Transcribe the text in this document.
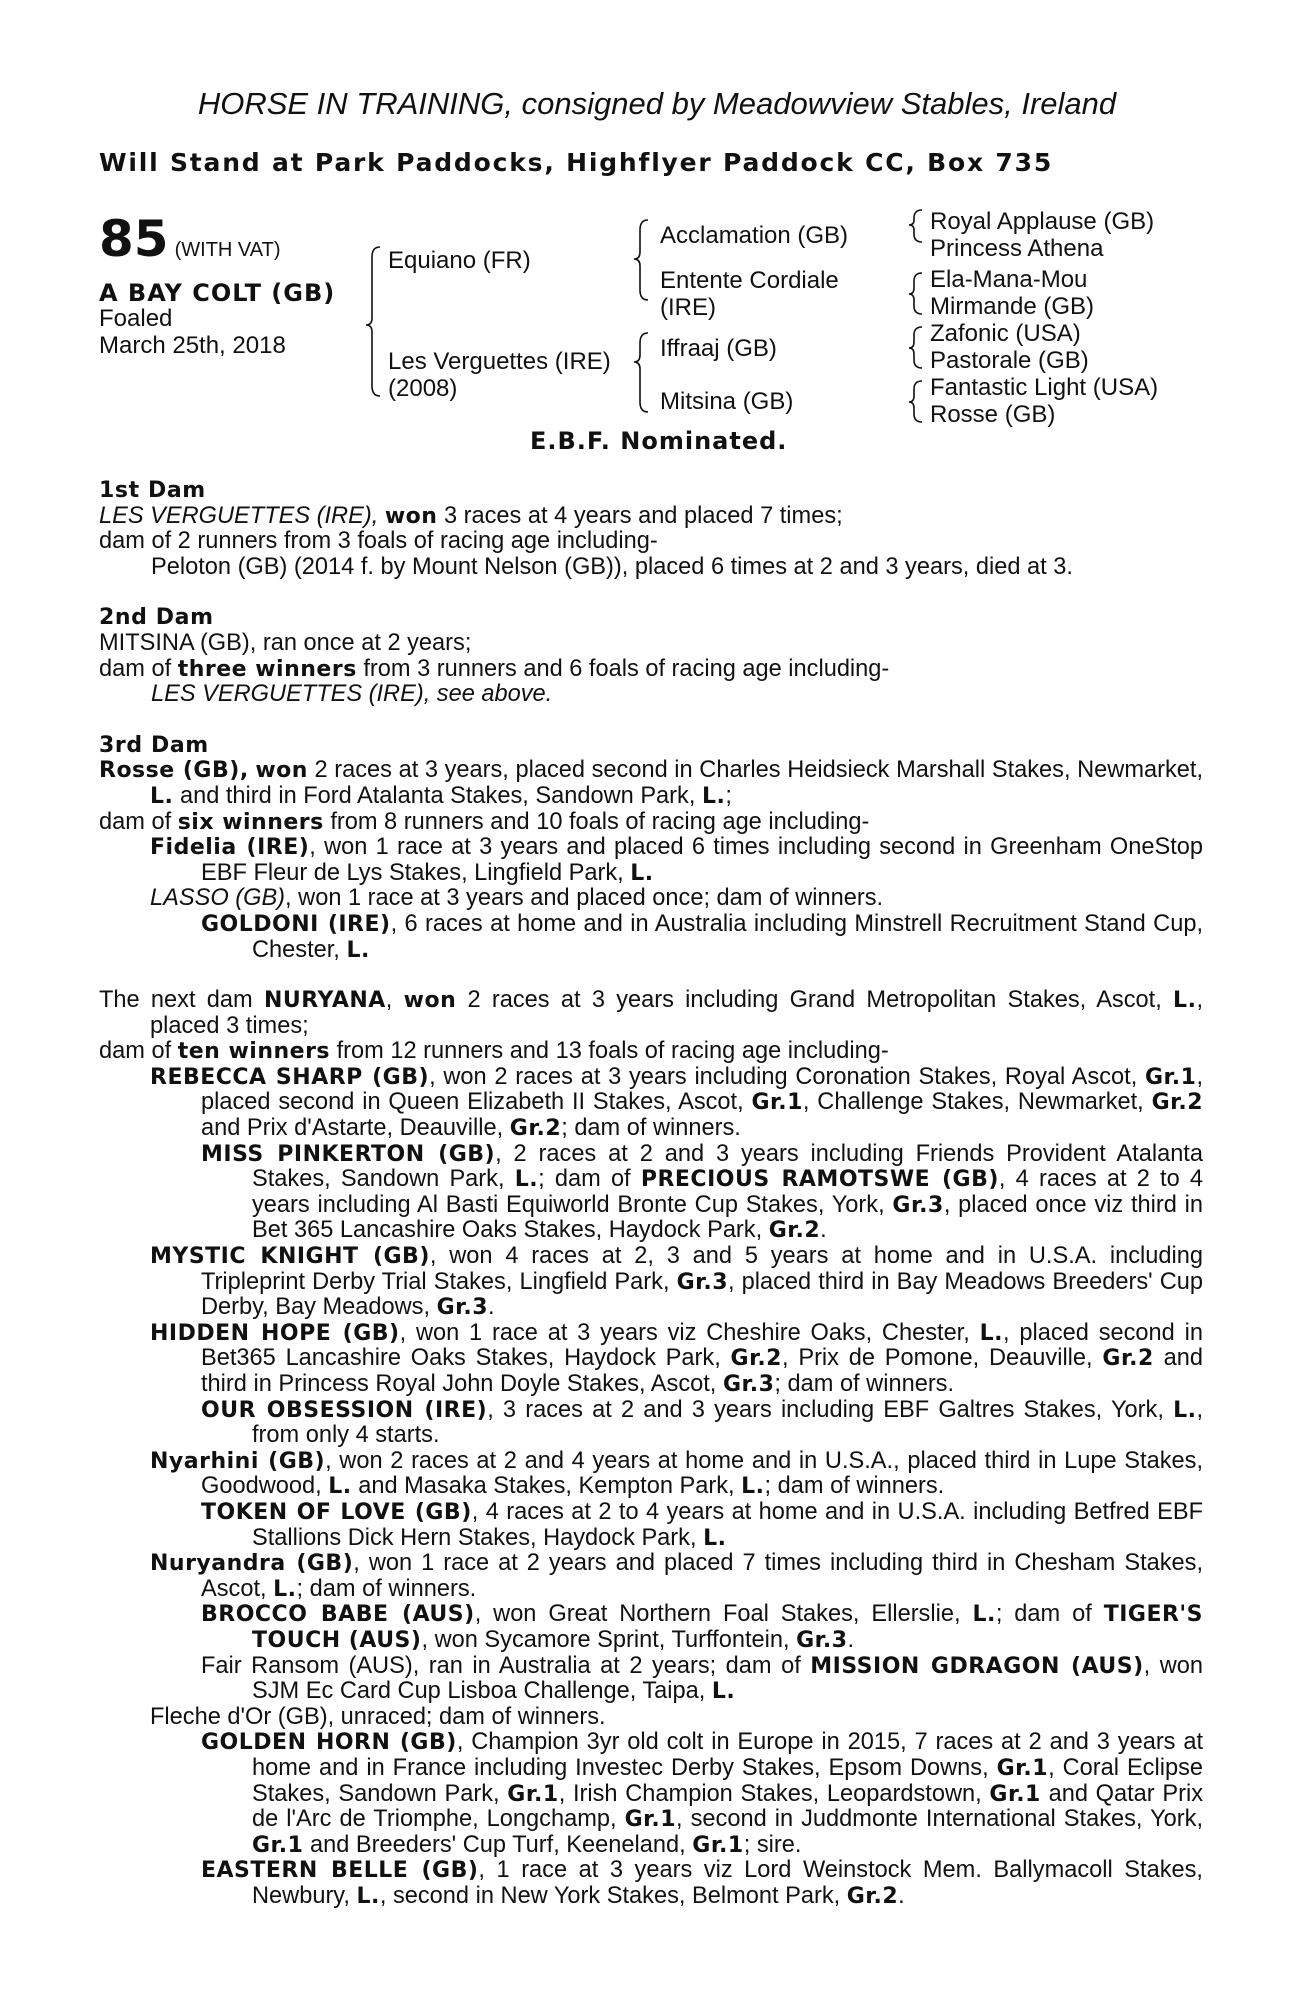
HORSE IN TRAINING, consigned by Meadowview Stables, Ireland
Will Stand at Park Paddocks, Highflyer Paddock CC, Box 735
85 (WITH VAT)
A BAY COLT (GB)
Foaled
March 25th, 2018
Equiano (FR)
Les Verguettes (IRE)
(2008)
Acclamation (GB)
Entente Cordiale
(IRE)
Iffraaj (GB)
Mitsina (GB)
Royal Applause (GB)
Princess Athena
Ela-Mana-Mou
Mirmande (GB)
Zafonic (USA)
Pastorale (GB)
Fantastic Light (USA)
Rosse (GB)
E.B.F. Nominated.

1st Dam

LES VERGUETTES (IRE), won 3 races at 4 years and placed 7 times;

dam of 2 runners from 3 foals of racing age including-

Peloton (GB) (2014 f. by Mount Nelson (GB)), placed 6 times at 2 and 3 years, died at 3.

2nd Dam

MITSINA (GB), ran once at 2 years;

dam of three winners from 3 runners and 6 foals of racing age including-

LES VERGUETTES (IRE), see above.

3rd Dam

Rosse (GB), won 2 races at 3 years, placed second in Charles Heidsieck Marshall Stakes, Newmarket, L. and third in Ford Atalanta Stakes, Sandown Park, L.;

dam of six winners from 8 runners and 10 foals of racing age including-

Fidelia (IRE), won 1 race at 3 years and placed 6 times including second in Greenham OneStop EBF Fleur de Lys Stakes, Lingfield Park, L.

LASSO (GB), won 1 race at 3 years and placed once; dam of winners.

GOLDONI (IRE), 6 races at home and in Australia including Minstrell Recruitment Stand Cup, Chester, L.

The next dam NURYANA, won 2 races at 3 years including Grand Metropolitan Stakes, Ascot, L., placed 3 times;

dam of ten winners from 12 runners and 13 foals of racing age including-

REBECCA SHARP (GB), won 2 races at 3 years including Coronation Stakes, Royal Ascot, Gr.1, placed second in Queen Elizabeth II Stakes, Ascot, Gr.1, Challenge Stakes, Newmarket, Gr.2 and Prix d'Astarte, Deauville, Gr.2; dam of winners.

MISS PINKERTON (GB), 2 races at 2 and 3 years including Friends Provident Atalanta Stakes, Sandown Park, L.; dam of PRECIOUS RAMOTSWE (GB), 4 races at 2 to 4 years including Al Basti Equiworld Bronte Cup Stakes, York, Gr.3, placed once viz third in Bet 365 Lancashire Oaks Stakes, Haydock Park, Gr.2.

MYSTIC KNIGHT (GB), won 4 races at 2, 3 and 5 years at home and in U.S.A. including Tripleprint Derby Trial Stakes, Lingfield Park, Gr.3, placed third in Bay Meadows Breeders' Cup Derby, Bay Meadows, Gr.3.

HIDDEN HOPE (GB), won 1 race at 3 years viz Cheshire Oaks, Chester, L., placed second in Bet365 Lancashire Oaks Stakes, Haydock Park, Gr.2, Prix de Pomone, Deauville, Gr.2 and third in Princess Royal John Doyle Stakes, Ascot, Gr.3; dam of winners.

OUR OBSESSION (IRE), 3 races at 2 and 3 years including EBF Galtres Stakes, York, L., from only 4 starts.

Nyarhini (GB), won 2 races at 2 and 4 years at home and in U.S.A., placed third in Lupe Stakes, Goodwood, L. and Masaka Stakes, Kempton Park, L.; dam of winners.

TOKEN OF LOVE (GB), 4 races at 2 to 4 years at home and in U.S.A. including Betfred EBF Stallions Dick Hern Stakes, Haydock Park, L.

Nuryandra (GB), won 1 race at 2 years and placed 7 times including third in Chesham Stakes, Ascot, L.; dam of winners.

BROCCO BABE (AUS), won Great Northern Foal Stakes, Ellerslie, L.; dam of TIGER'S TOUCH (AUS), won Sycamore Sprint, Turffontein, Gr.3.

Fair Ransom (AUS), ran in Australia at 2 years; dam of MISSION GDRAGON (AUS), won SJM Ec Card Cup Lisboa Challenge, Taipa, L.

Fleche d'Or (GB), unraced; dam of winners.

GOLDEN HORN (GB), Champion 3yr old colt in Europe in 2015, 7 races at 2 and 3 years at home and in France including Investec Derby Stakes, Epsom Downs, Gr.1, Coral Eclipse Stakes, Sandown Park, Gr.1, Irish Champion Stakes, Leopardstown, Gr.1 and Qatar Prix de l'Arc de Triomphe, Longchamp, Gr.1, second in Juddmonte International Stakes, York, Gr.1 and Breeders' Cup Turf, Keeneland, Gr.1; sire.

EASTERN BELLE (GB), 1 race at 3 years viz Lord Weinstock Mem. Ballymacoll Stakes, Newbury, L., second in New York Stakes, Belmont Park, Gr.2.
